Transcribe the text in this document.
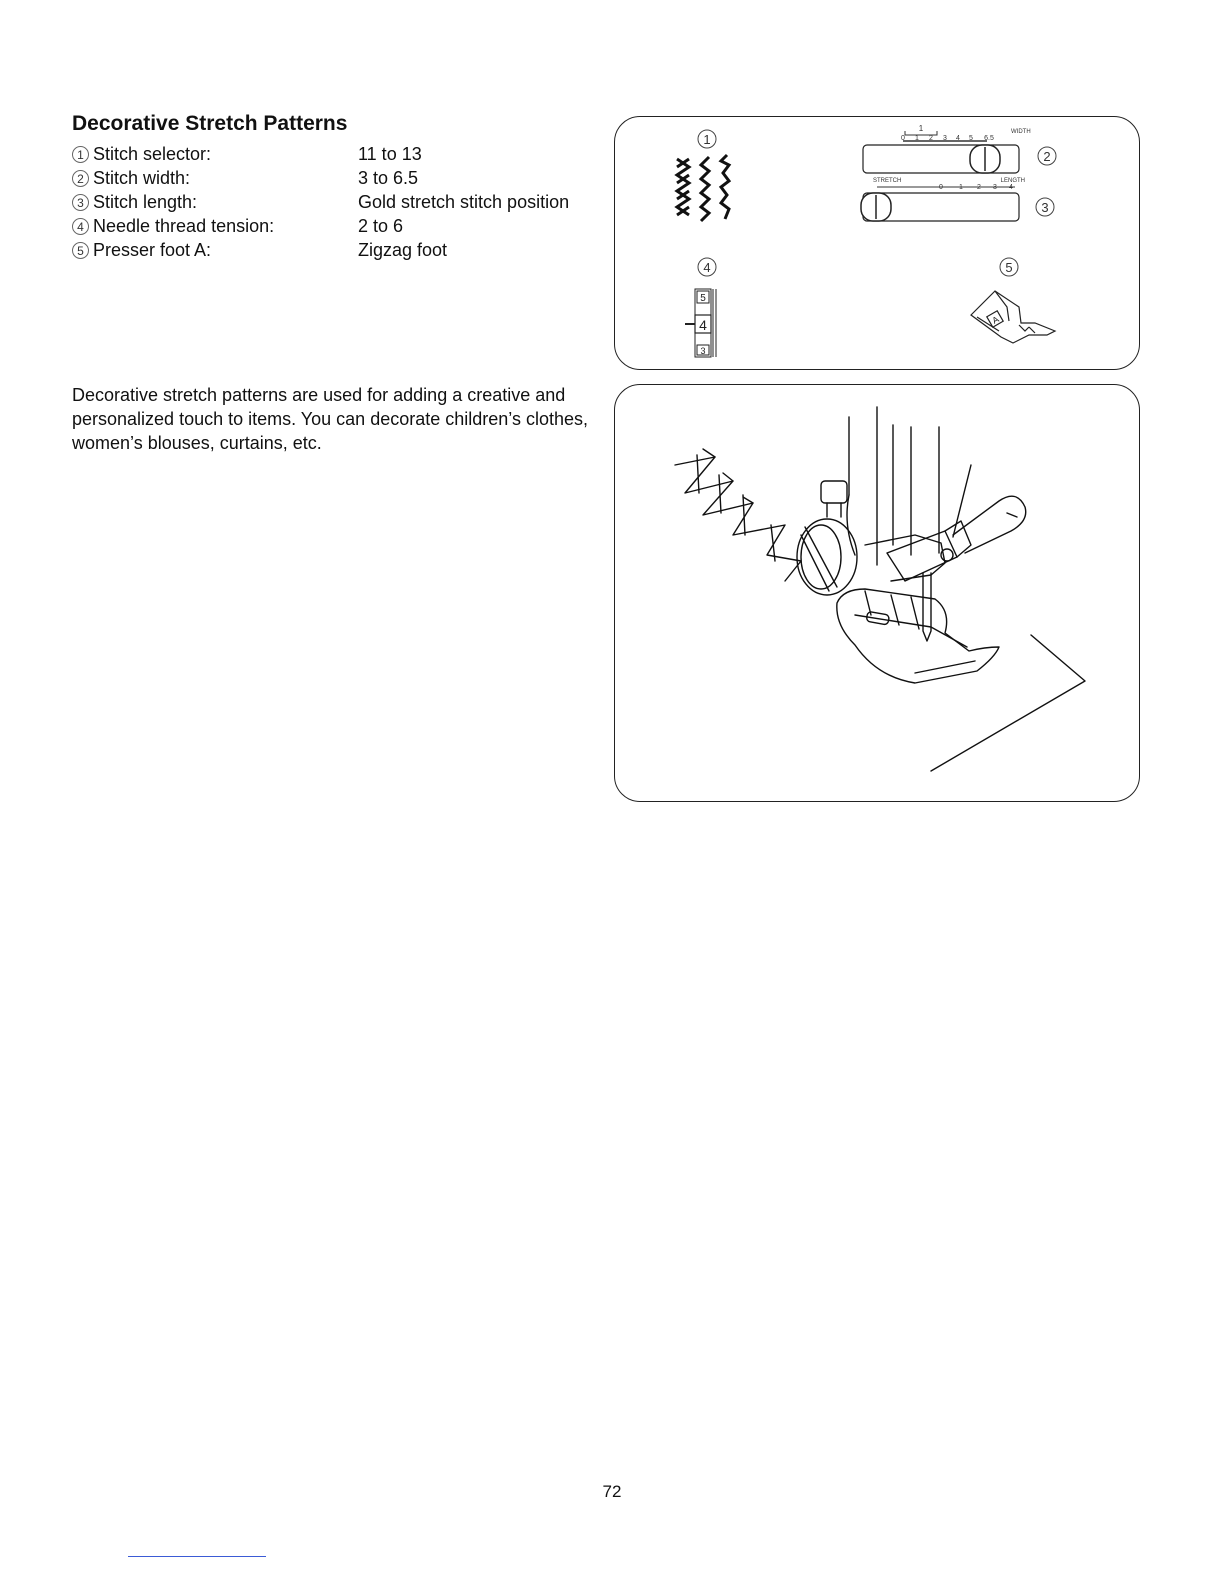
Decorative Stretch Patterns
1 Stitch selector:	11 to 13
2 Stitch width:	3 to 6.5
3 Stitch length:	Gold stretch stitch position
4 Needle thread tension:	2 to 6
5 Presser foot A:	Zigzag foot

Decorative stretch patterns are used for adding a creative and personalized touch to items. You can decorate children’s clothes, women’s blouses, curtains, etc.

1
2
3
4	5
WIDTH
1
0 1 2 3 4 5 6.5
STRETCH	LENGTH
0 1 2 3 4
5
4
3
A
72
